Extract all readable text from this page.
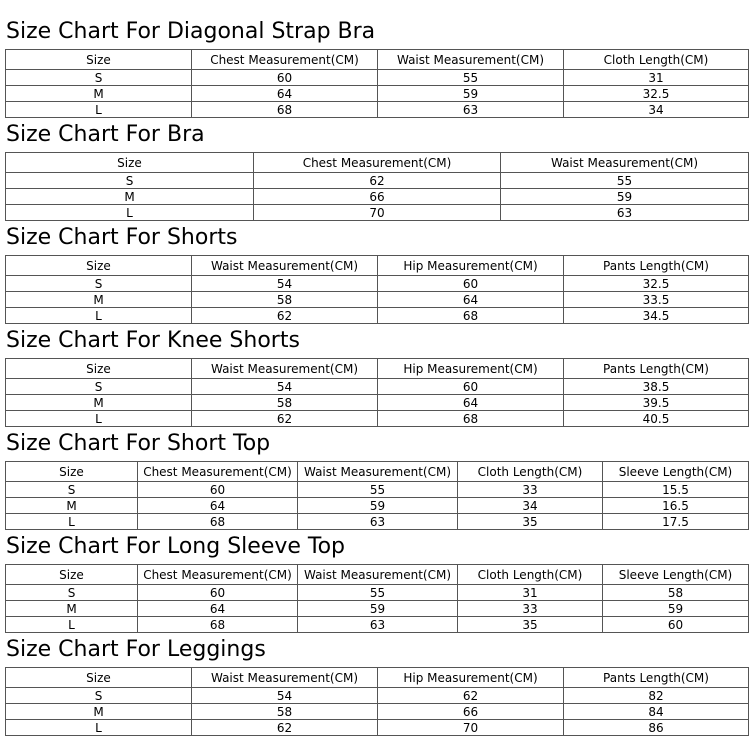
Size Chart For Diagonal Strap Bra
Size	Chest Measurement(CM)	Waist Measurement(CM)	Cloth Length(CM)
S	60	55	31
M	64	59	32.5
L	68	63	34
Size Chart For Bra
Size	Chest Measurement(CM)	Waist Measurement(CM)
S	62	55
M	66	59
L	70	63
Size Chart For Shorts
Size	Waist Measurement(CM)	Hip Measurement(CM)	Pants Length(CM)
S	54	60	32.5
M	58	64	33.5
L	62	68	34.5
Size Chart For Knee Shorts
Size	Waist Measurement(CM)	Hip Measurement(CM)	Pants Length(CM)
S	54	60	38.5
M	58	64	39.5
L	62	68	40.5
Size Chart For Short Top
Size	Chest Measurement(CM)	Waist Measurement(CM)	Cloth Length(CM)	Sleeve Length(CM)
S	60	55	33	15.5
M	64	59	34	16.5
L	68	63	35	17.5
Size Chart For Long Sleeve Top
Size	Chest Measurement(CM)	Waist Measurement(CM)	Cloth Length(CM)	Sleeve Length(CM)
S	60	55	31	58
M	64	59	33	59
L	68	63	35	60
Size Chart For Leggings
Size	Waist Measurement(CM)	Hip Measurement(CM)	Pants Length(CM)
S	54	62	82
M	58	66	84
L	62	70	86
